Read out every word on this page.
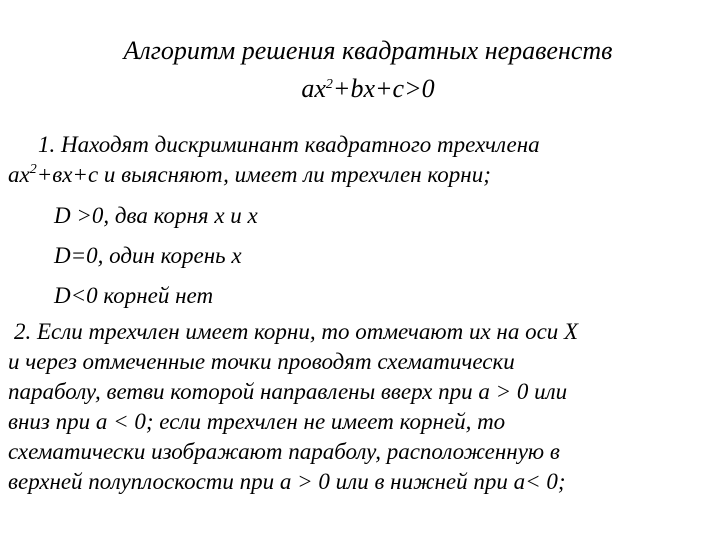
Алгоритм решения квадратных неравенств
$ax^2+bx+c>0$
1. Находят дискриминант квадратного трехчлена
$ах^2+вх+с$ и выясняют, имеет ли трехчлен корни;
D >0, два корня х и х
D=0, один корень х
D<0 корней нет
2. Если трехчлен имеет корни, то отмечают их на оси Х
и через отмеченные точки проводят схематически
параболу, ветви которой направлены вверх при а > 0 или
вниз при а < 0; если трехчлен не имеет корней, то
схематически изображают параболу, расположенную в
верхней полуплоскости при а > 0 или в нижней при а< 0;
